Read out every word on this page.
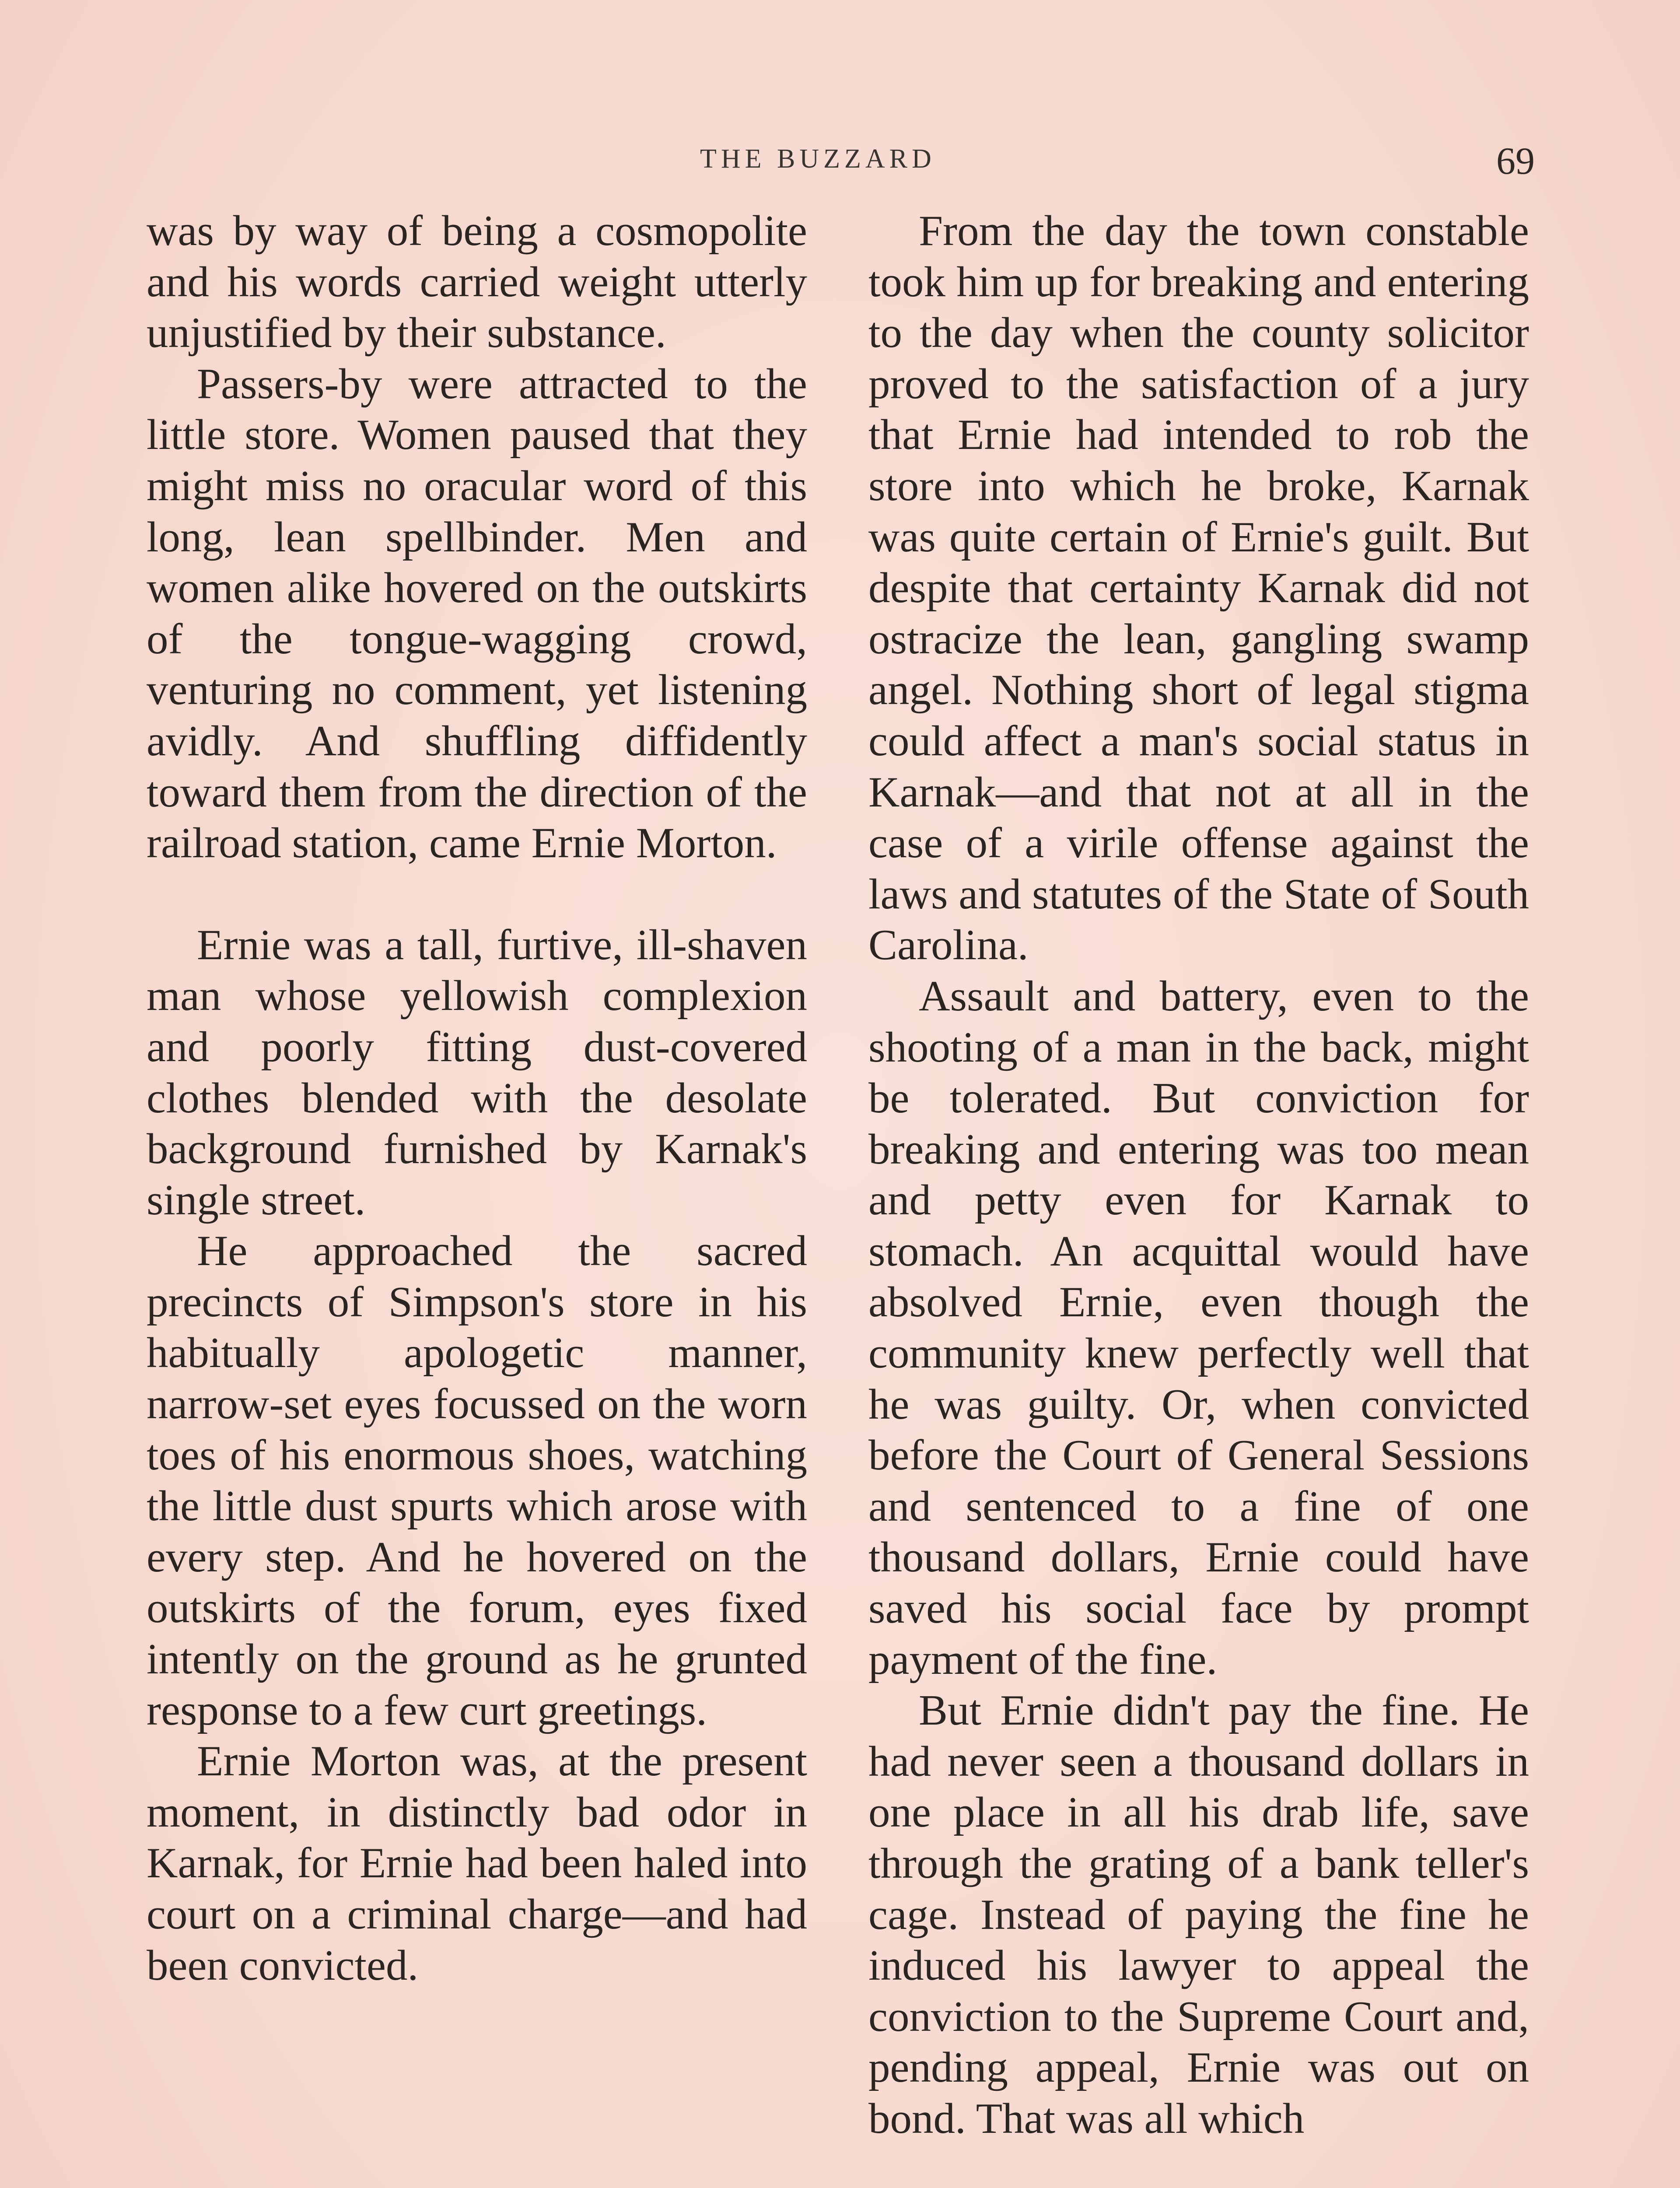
THE BUZZARD	69

was by way of being a cosmopolite and his words carried weight utterly unjustified by their substance.

Passers-by were attracted to the little store. Women paused that they might miss no oracular word of this long, lean spellbinder. Men and women alike hovered on the outskirts of the tongue-wagging crowd, venturing no comment, yet listening avidly. And shuffling diffidently toward them from the direction of the railroad station, came Ernie Morton.

Ernie was a tall, furtive, ill-shaven man whose yellowish complexion and poorly fitting dust-covered clothes blended with the desolate background furnished by Karnak's single street.

He approached the sacred precincts of Simpson's store in his habitually apologetic manner, narrow-set eyes focussed on the worn toes of his enormous shoes, watching the little dust spurts which arose with every step. And he hovered on the outskirts of the forum, eyes fixed intently on the ground as he grunted response to a few curt greetings.

Ernie Morton was, at the present moment, in distinctly bad odor in Karnak, for Ernie had been haled into court on a criminal charge—and had been convicted.

From the day the town constable took him up for breaking and entering to the day when the county solicitor proved to the satisfaction of a jury that Ernie had intended to rob the store into which he broke, Karnak was quite certain of Ernie's guilt. But despite that certainty Karnak did not ostracize the lean, gangling swamp angel. Nothing short of legal stigma could affect a man's social status in Karnak—and that not at all in the case of a virile offense against the laws and statutes of the State of South Carolina.

Assault and battery, even to the shooting of a man in the back, might be tolerated. But conviction for breaking and entering was too mean and petty even for Karnak to stomach. An acquittal would have absolved Ernie, even though the community knew perfectly well that he was guilty. Or, when convicted before the Court of General Sessions and sentenced to a fine of one thousand dollars, Ernie could have saved his social face by prompt payment of the fine.

But Ernie didn't pay the fine. He had never seen a thousand dollars in one place in all his drab life, save through the grating of a bank teller's cage. Instead of paying the fine he induced his lawyer to appeal the conviction to the Supreme Court and, pending appeal, Ernie was out on bond. That was all which
